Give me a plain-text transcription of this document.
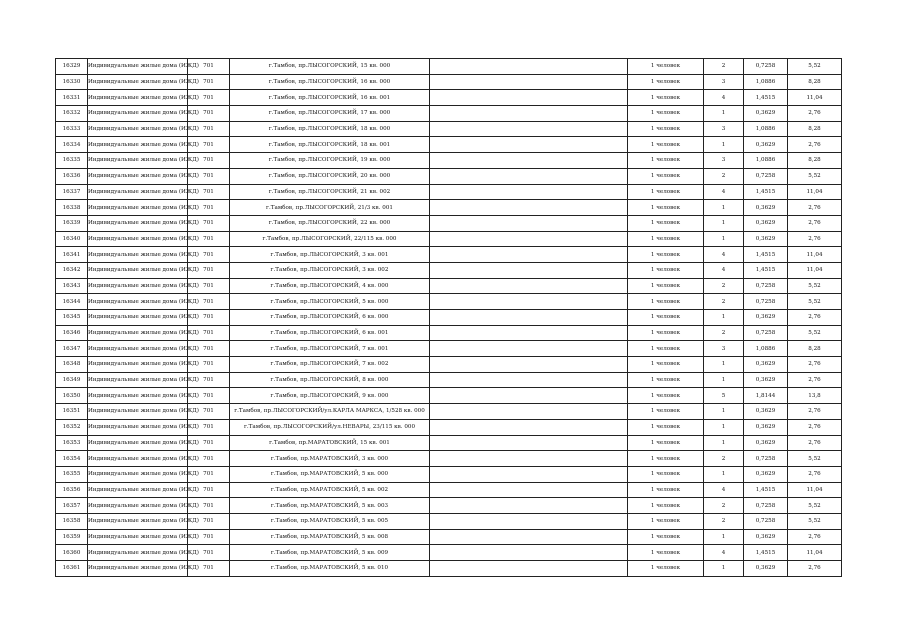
16329	Индивидуальные жилые дома (ИЖД)	701	г.Тамбов, пр.ЛЫСОГОРСКИЙ, 15 кв. 000		1 человек	2	0,7258	5,52
16330	Индивидуальные жилые дома (ИЖД)	701	г.Тамбов, пр.ЛЫСОГОРСКИЙ, 16 кв. 000		1 человек	3	1,0886	8,28
16331	Индивидуальные жилые дома (ИЖД)	701	г.Тамбов, пр.ЛЫСОГОРСКИЙ, 16 кв. 001		1 человек	4	1,4515	11,04
16332	Индивидуальные жилые дома (ИЖД)	701	г.Тамбов, пр.ЛЫСОГОРСКИЙ, 17 кв. 000		1 человек	1	0,3629	2,76
16333	Индивидуальные жилые дома (ИЖД)	701	г.Тамбов, пр.ЛЫСОГОРСКИЙ, 18 кв. 000		1 человек	3	1,0886	8,28
16334	Индивидуальные жилые дома (ИЖД)	701	г.Тамбов, пр.ЛЫСОГОРСКИЙ, 18 кв. 001		1 человек	1	0,3629	2,76
16335	Индивидуальные жилые дома (ИЖД)	701	г.Тамбов, пр.ЛЫСОГОРСКИЙ, 19 кв. 000		1 человек	3	1,0886	8,28
16336	Индивидуальные жилые дома (ИЖД)	701	г.Тамбов, пр.ЛЫСОГОРСКИЙ, 20 кв. 000		1 человек	2	0,7258	5,52
16337	Индивидуальные жилые дома (ИЖД)	701	г.Тамбов, пр.ЛЫСОГОРСКИЙ, 21 кв. 002		1 человек	4	1,4515	11,04
16338	Индивидуальные жилые дома (ИЖД)	701	г.Тамбов, пр.ЛЫСОГОРСКИЙ, 21/3 кв. 001		1 человек	1	0,3629	2,76
16339	Индивидуальные жилые дома (ИЖД)	701	г.Тамбов, пр.ЛЫСОГОРСКИЙ, 22 кв. 000		1 человек	1	0,3629	2,76
16340	Индивидуальные жилые дома (ИЖД)	701	г.Тамбов, пр.ЛЫСОГОРСКИЙ, 22/115 кв. 000		1 человек	1	0,3629	2,76
16341	Индивидуальные жилые дома (ИЖД)	701	г.Тамбов, пр.ЛЫСОГОРСКИЙ, 3 кв. 001		1 человек	4	1,4515	11,04
16342	Индивидуальные жилые дома (ИЖД)	701	г.Тамбов, пр.ЛЫСОГОРСКИЙ, 3 кв. 002		1 человек	4	1,4515	11,04
16343	Индивидуальные жилые дома (ИЖД)	701	г.Тамбов, пр.ЛЫСОГОРСКИЙ, 4 кв. 000		1 человек	2	0,7258	5,52
16344	Индивидуальные жилые дома (ИЖД)	701	г.Тамбов, пр.ЛЫСОГОРСКИЙ, 5 кв. 000		1 человек	2	0,7258	5,52
16345	Индивидуальные жилые дома (ИЖД)	701	г.Тамбов, пр.ЛЫСОГОРСКИЙ, 6 кв. 000		1 человек	1	0,3629	2,76
16346	Индивидуальные жилые дома (ИЖД)	701	г.Тамбов, пр.ЛЫСОГОРСКИЙ, 6 кв. 001		1 человек	2	0,7258	5,52
16347	Индивидуальные жилые дома (ИЖД)	701	г.Тамбов, пр.ЛЫСОГОРСКИЙ, 7 кв. 001		1 человек	3	1,0886	8,28
16348	Индивидуальные жилые дома (ИЖД)	701	г.Тамбов, пр.ЛЫСОГОРСКИЙ, 7 кв. 002		1 человек	1	0,3629	2,76
16349	Индивидуальные жилые дома (ИЖД)	701	г.Тамбов, пр.ЛЫСОГОРСКИЙ, 8 кв. 000		1 человек	1	0,3629	2,76
16350	Индивидуальные жилые дома (ИЖД)	701	г.Тамбов, пр.ЛЫСОГОРСКИЙ, 9 кв. 000		1 человек	5	1,8144	13,8
16351	Индивидуальные жилые дома (ИЖД)	701	г.Тамбов, пр.ЛЫСОГОРСКИЙ/ул.КАРЛА МАРКСА, 1/528 кв. 000		1 человек	1	0,3629	2,76
16352	Индивидуальные жилые дома (ИЖД)	701	г.Тамбов, пр.ЛЫСОГОРСКИЙ/ул.НЕВАРЫ, 23/115 кв. 000		1 человек	1	0,3629	2,76
16353	Индивидуальные жилые дома (ИЖД)	701	г.Тамбов, пр.МАРАТОВСКИЙ, 15 кв. 001		1 человек	1	0,3629	2,76
16354	Индивидуальные жилые дома (ИЖД)	701	г.Тамбов, пр.МАРАТОВСКИЙ, 3 кв. 000		1 человек	2	0,7258	5,52
16355	Индивидуальные жилые дома (ИЖД)	701	г.Тамбов, пр.МАРАТОВСКИЙ, 5 кв. 000		1 человек	1	0,3629	2,76
16356	Индивидуальные жилые дома (ИЖД)	701	г.Тамбов, пр.МАРАТОВСКИЙ, 5 кв. 002		1 человек	4	1,4515	11,04
16357	Индивидуальные жилые дома (ИЖД)	701	г.Тамбов, пр.МАРАТОВСКИЙ, 5 кв. 003		1 человек	2	0,7258	5,52
16358	Индивидуальные жилые дома (ИЖД)	701	г.Тамбов, пр.МАРАТОВСКИЙ, 5 кв. 005		1 человек	2	0,7258	5,52
16359	Индивидуальные жилые дома (ИЖД)	701	г.Тамбов, пр.МАРАТОВСКИЙ, 5 кв. 008		1 человек	1	0,3629	2,76
16360	Индивидуальные жилые дома (ИЖД)	701	г.Тамбов, пр.МАРАТОВСКИЙ, 5 кв. 009		1 человек	4	1,4515	11,04
16361	Индивидуальные жилые дома (ИЖД)	701	г.Тамбов, пр.МАРАТОВСКИЙ, 5 кв. 010		1 человек	1	0,3629	2,76
